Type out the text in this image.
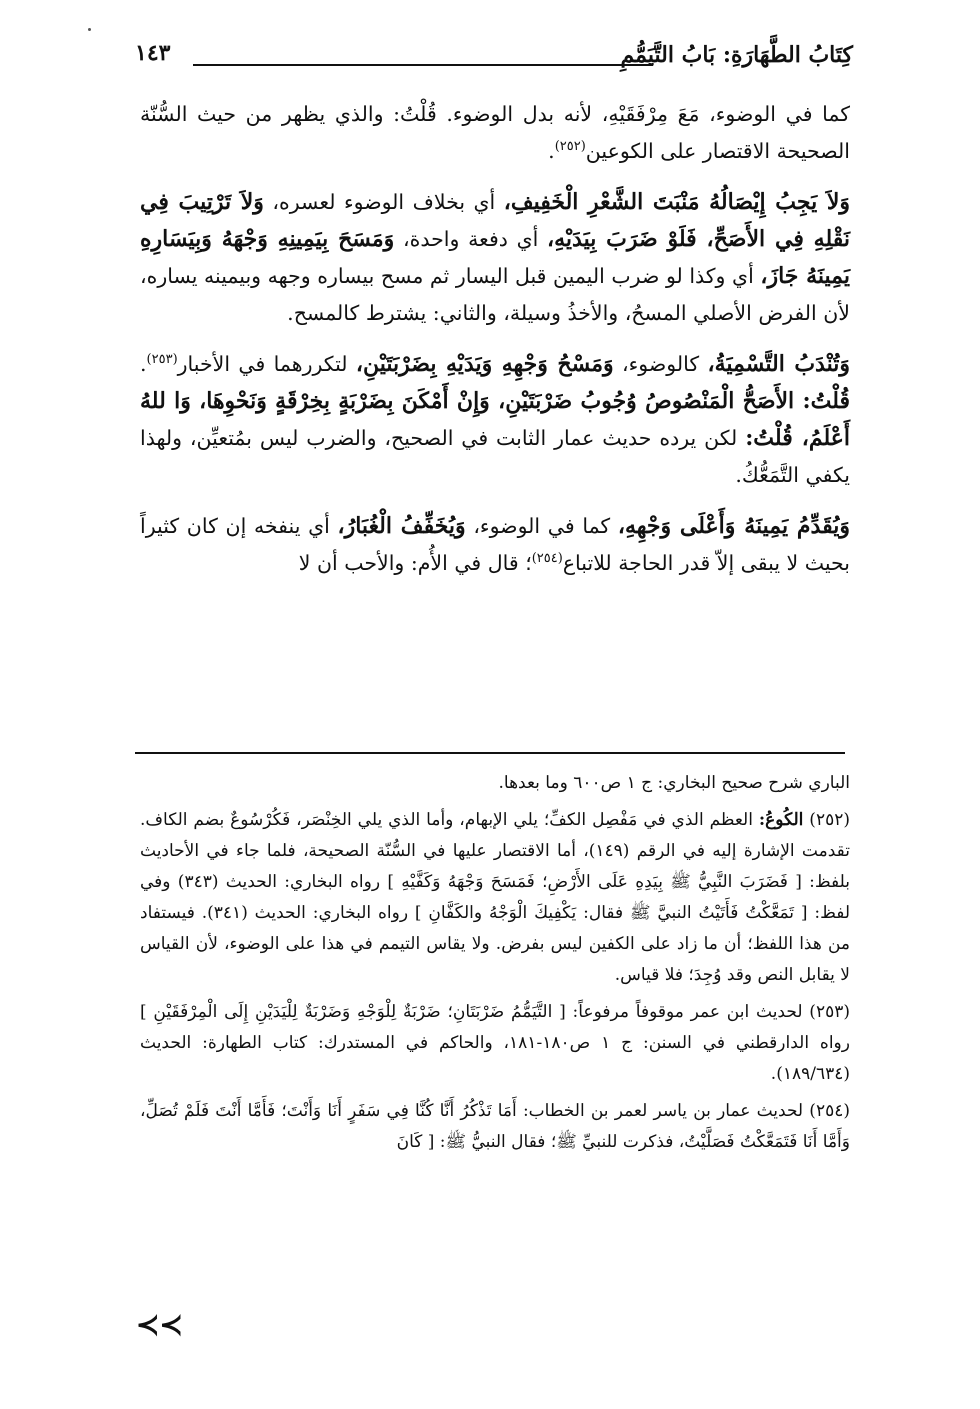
كِتَابُ الطَّهَارَةِ: بَابُ التَّيَمُّمِ
١٤٣

كما في الوضوء، مَعَ مِرْفَقَيْهِ، لأنه بدل الوضوء. قُلْتُ: والذي يظهر من حيث السُّنّة الصحيحة الاقتصار على الكوعين$^{(٢٥٢)}$.

وَلاَ يَجِبُ إِيْصَالُهُ مَنْبَتَ الشَّعْرِ الْخَفِيفِ، أي بخلاف الوضوء لعسره، وَلاَ تَرْتِيبَ فِي نَقْلِهِ فِي الأَصَحِّ، فَلَوْ ضَرَبَ بِيَدَيْهِ، أي دفعة واحدة، وَمَسَحَ بِيَمِينِهِ وَجْهَهُ وَبِيَسَارِهِ يَمِينَهُ جَازَ، أي وكذا لو ضرب اليمين قبل اليسار ثم مسح بيساره وجهه وبيمينه يساره، لأن الفرض الأصلي المسحُ، والأخذُ وسيلة، والثاني: يشترط كالمسح.

وَتُنْدَبُ التَّسْمِيَةُ، كالوضوء، وَمَسْحُ وَجْهِهِ وَيَدَيْهِ بِضَرْبَتَيْنِ، لتكررهما في الأخبار$^{(٢٥٣)}$. قُلْتُ: الأَصَحُّ الْمَنْصُوصُ وُجُوبُ ضَرْبَتَيْنِ، وَإِنْ أَمْكَنَ بِضَرْبَةٍ بِخِرْقَةٍ وَنَحْوِهَا، وَا للهُ أَعْلَمُ، قُلْتُ: لكن يرده حديث عمار الثابت في الصحيح، والضرب ليس بمُتعيِّن، ولهذا يكفي التَّمَعُّكُ.

وَيُقَدِّمُ يَمِينَهُ وَأَعْلَى وَجْهِهِ، كما في الوضوء، وَيُخَفِّفُ الْغُبَارُ، أي ينفخه إن كان كثيراً بحيث لا يبقى إلاّ قدر الحاجة للاتباع$^{(٢٥٤)}$؛ قال في الأُم: والأحب أن لا

الباري شرح صحيح البخاري: ج ١ ص٦٠٠ وما بعدها.

(٢٥٢) الكُوعُ: العظم الذي في مَفْصِل الكفِّ؛ يلي الإبهام، وأما الذي يلي الخِنْصَر، فَكُرْسُوعٌ بضم الكاف. تقدمت الإشارة إليه في الرقم (١٤٩)، أما الاقتصار عليها في السُّنّة الصحيحة، فلما جاء في الأحاديث بلفظ: [ فَضَرَبَ النَّبِيُّ ﷺ بِيَدِهِ عَلَى الأَرْضِ؛ فَمَسَحَ وَجْهَهُ وَكَفَّيْهِ ] رواه البخاري: الحديث (٣٤٣) وفي لفظ: [ تَمَعَّكْتُ فَأَتَيْتُ النبيَّ ﷺ فقال: يَكْفِيكَ الْوَجْهُ والكَفَّانِ ] رواه البخاري: الحديث (٣٤١). فيستفاد من هذا اللفظ؛ أن ما زاد على الكفين ليس بفرض. ولا يقاس التيمم في هذا على الوضوء، لأن القياس لا يقابل النص وقد وُجِدَ؛ فلا قياس.

(٢٥٣) لحديث ابن عمر موقوفاً مرفوعاً: [ التَّيَمُّمُ ضَرْبَتَانِ؛ ضَرْبَةٌ لِلْوَجْهِ وَضَرْبَةٌ لِلْيَدَيْنِ إِلَى الْمِرْفَقَيْنِ ] رواه الدارقطني في السنن: ج ١ ص١٨٠-١٨١، والحاكم في المستدرك: كتاب الطهارة: الحديث (١٨٩/٦٣٤).

(٢٥٤) لحديث عمار بن ياسر لعمر بن الخطاب: أَمَا تَذْكُرُ أَنَّا كُنَّا فِي سَفَرٍ أَنَا وَأَنْتَ؛ فَأَمَّا أَنْتَ فَلَمْ تُصَلِّ، وَأَمَّا أَنَا فَتَمَعَّكْتُ فَصَلَّيْتُ، فذكرت للنبيِّ ﷺ؛ فقال النبيُّ ﷺ: [ كَانَ

≺≺
